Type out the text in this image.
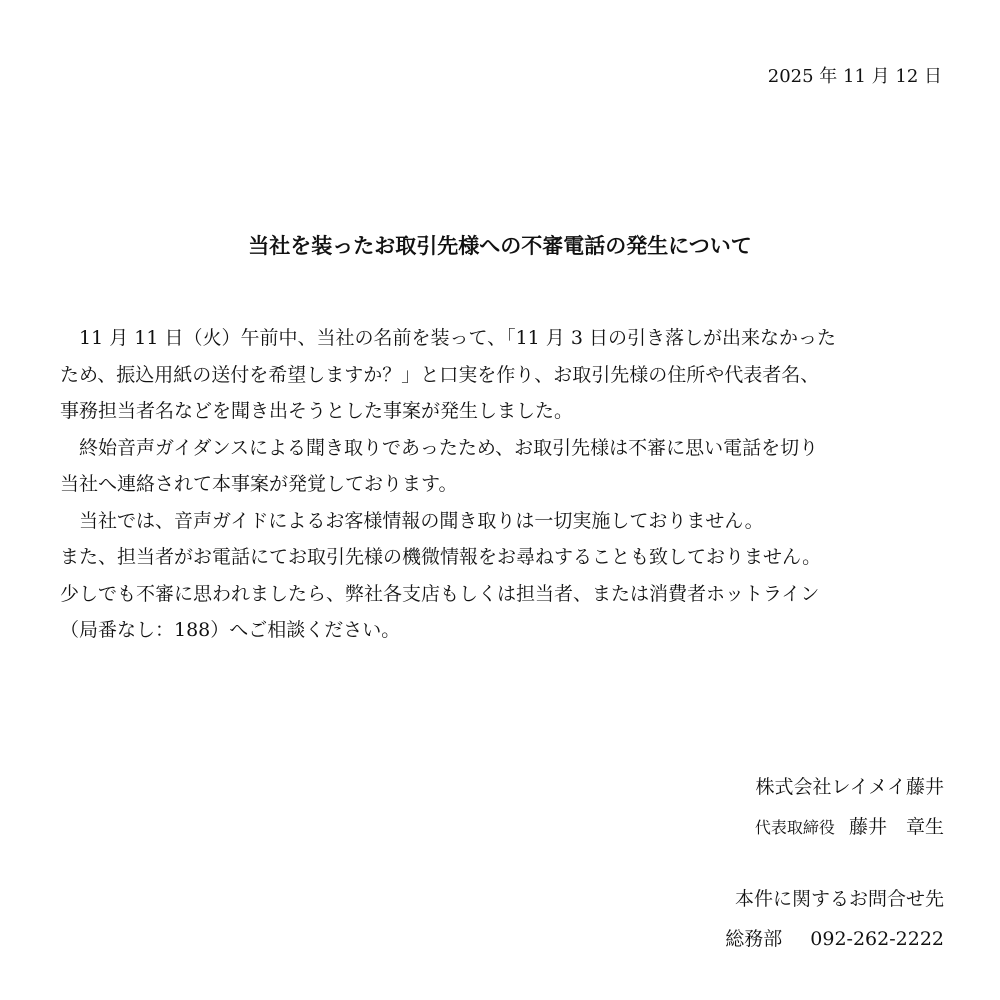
2025 年 11 月 12 日
当社を装ったお取引先様への不審電話の発生について

　11 月 11 日（火）午前中、当社の名前を装って、「11 月 3 日の引き落しが出来なかった

ため、振込用紙の送付を希望しますか？」と口実を作り、お取引先様の住所や代表者名、

事務担当者名などを聞き出そうとした事案が発生しました。

　終始音声ガイダンスによる聞き取りであったため、お取引先様は不審に思い電話を切り

当社へ連絡されて本事案が発覚しております。

　当社では、音声ガイドによるお客様情報の聞き取りは一切実施しておりません。

また、担当者がお電話にてお取引先様の機微情報をお尋ねすることも致しておりません。

少しでも不審に思われましたら、弊社各支店もしくは担当者、または消費者ホットライン

（局番なし：188）へご相談ください。

株式会社レイメイ藤井
代表取締役 藤井　章生
本件に関するお問合せ先
総務部 092-262-2222
